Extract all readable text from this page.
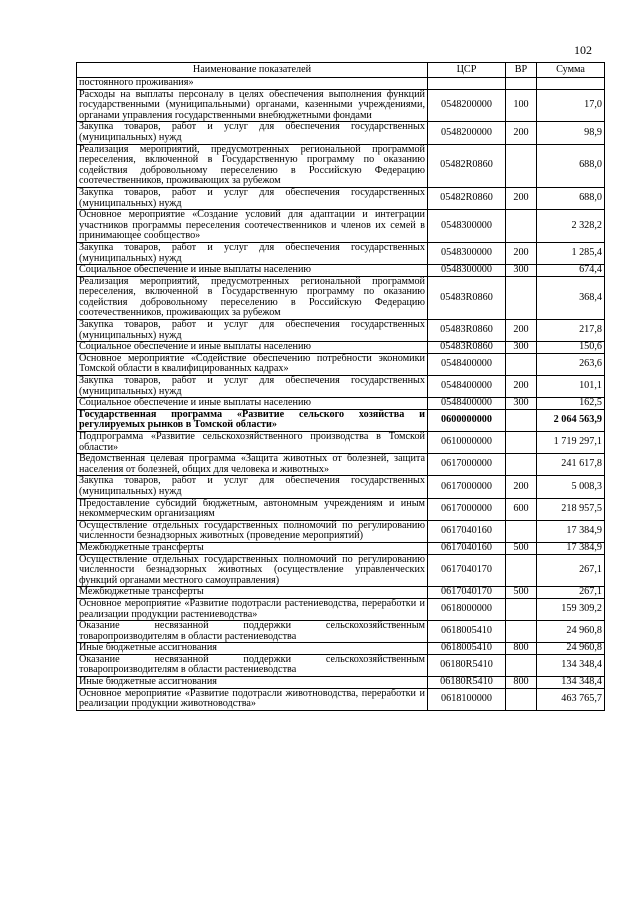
102
Наименование показателей	ЦСР	ВР	Сумма
постоянного проживания»			
Расходы на выплаты персоналу в целях обеспечения выполнения функций государственными (муниципальными) органами, казенными учреждениями, органами управления государственными внебюджетными фондами	0548200000	100	17,0
Закупка товаров, работ и услуг для обеспечения государственных (муниципальных) нужд	0548200000	200	98,9
Реализация мероприятий, предусмотренных региональной программой переселения, включенной в Государственную программу по оказанию содействия добровольному переселению в Российскую Федерацию соотечественников, проживающих за рубежом	05482R0860		688,0
Закупка товаров, работ и услуг для обеспечения государственных (муниципальных) нужд	05482R0860	200	688,0
Основное мероприятие «Создание условий для адаптации и интеграции участников программы переселения соотечественников и членов их семей в принимающее сообщество»	0548300000		2 328,2
Закупка товаров, работ и услуг для обеспечения государственных (муниципальных) нужд	0548300000	200	1 285,4
Социальное обеспечение и иные выплаты населению	0548300000	300	674,4
Реализация мероприятий, предусмотренных региональной программой переселения, включенной в Государственную программу по оказанию содействия добровольному переселению в Российскую Федерацию соотечественников, проживающих за рубежом	05483R0860		368,4
Закупка товаров, работ и услуг для обеспечения государственных (муниципальных) нужд	05483R0860	200	217,8
Социальное обеспечение и иные выплаты населению	05483R0860	300	150,6
Основное мероприятие «Содействие обеспечению потребности экономики Томской области в квалифицированных кадрах»	0548400000		263,6
Закупка товаров, работ и услуг для обеспечения государственных (муниципальных) нужд	0548400000	200	101,1
Социальное обеспечение и иные выплаты населению	0548400000	300	162,5
Государственная программа «Развитие сельского хозяйства и регулируемых рынков в Томской области»	0600000000		2 064 563,9
Подпрограмма «Развитие сельскохозяйственного производства в Томской области»	0610000000		1 719 297,1
Ведомственная целевая программа «Защита животных от болезней, защита населения от болезней, общих для человека и животных»	0617000000		241 617,8
Закупка товаров, работ и услуг для обеспечения государственных (муниципальных) нужд	0617000000	200	5 008,3
Предоставление субсидий бюджетным, автономным учреждениям и иным некоммерческим организациям	0617000000	600	218 957,5
Осуществление отдельных государственных полномочий по регулированию численности безнадзорных животных (проведение мероприятий)	0617040160		17 384,9
Межбюджетные трансферты	0617040160	500	17 384,9
Осуществление отдельных государственных полномочий по регулированию численности безнадзорных животных (осуществление управленческих функций органами местного самоуправления)	0617040170		267,1
Межбюджетные трансферты	0617040170	500	267,1
Основное мероприятие «Развитие подотрасли растениеводства, переработки и реализации продукции растениеводства»	0618000000		159 309,2
Оказание несвязанной поддержки сельскохозяйственным товаропроизводителям в области растениеводства	0618005410		24 960,8
Иные бюджетные ассигнования	0618005410	800	24 960,8
Оказание несвязанной поддержки сельскохозяйственным товаропроизводителям в области растениеводства	06180R5410		134 348,4
Иные бюджетные ассигнования	06180R5410	800	134 348,4
Основное мероприятие «Развитие подотрасли животноводства, переработки и реализации продукции животноводства»	0618100000		463 765,7
